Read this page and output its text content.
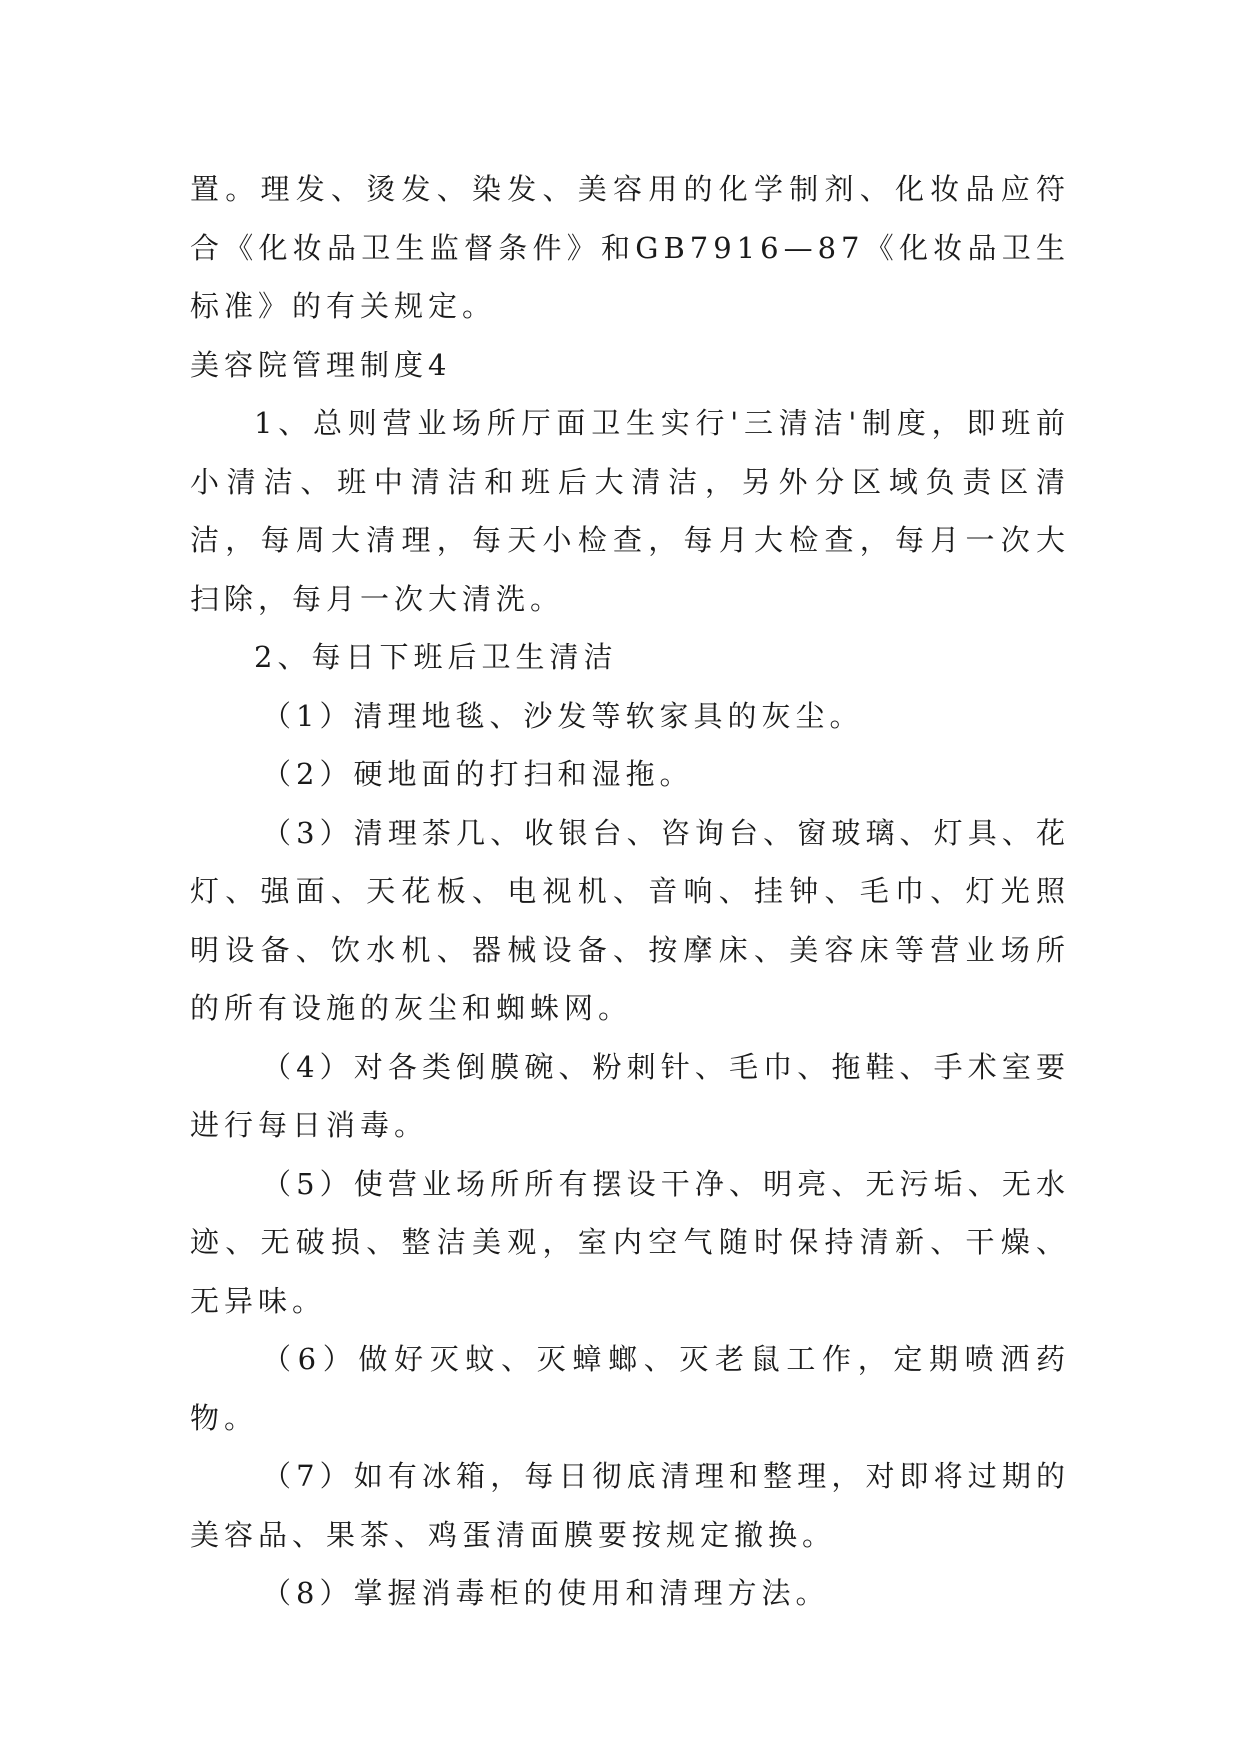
置。理发、烫发、染发、美容用的化学制剂、化妆品应符合《化妆品卫生监督条件》和GB7916—87《化妆品卫生标准》的有关规定。

美容院管理制度4

1、总则营业场所厅面卫生实行'三清洁'制度，即班前小清洁、班中清洁和班后大清洁，另外分区域负责区清洁，每周大清理，每天小检查，每月大检查，每月一次大扫除，每月一次大清洗。

2、每日下班后卫生清洁

（1）清理地毯、沙发等软家具的灰尘。

（2）硬地面的打扫和湿拖。

（3）清理茶几、收银台、咨询台、窗玻璃、灯具、花灯、强面、天花板、电视机、音响、挂钟、毛巾、灯光照明设备、饮水机、器械设备、按摩床、美容床等营业场所的所有设施的灰尘和蜘蛛网。

（4）对各类倒膜碗、粉刺针、毛巾、拖鞋、手术室要进行每日消毒。

（5）使营业场所所有摆设干净、明亮、无污垢、无水迹、无破损、整洁美观，室内空气随时保持清新、干燥、无异味。

（6）做好灭蚊、灭蟑螂、灭老鼠工作，定期喷洒药物。

（7）如有冰箱，每日彻底清理和整理，对即将过期的美容品、果茶、鸡蛋清面膜要按规定撤换。

（8）掌握消毒柜的使用和清理方法。
